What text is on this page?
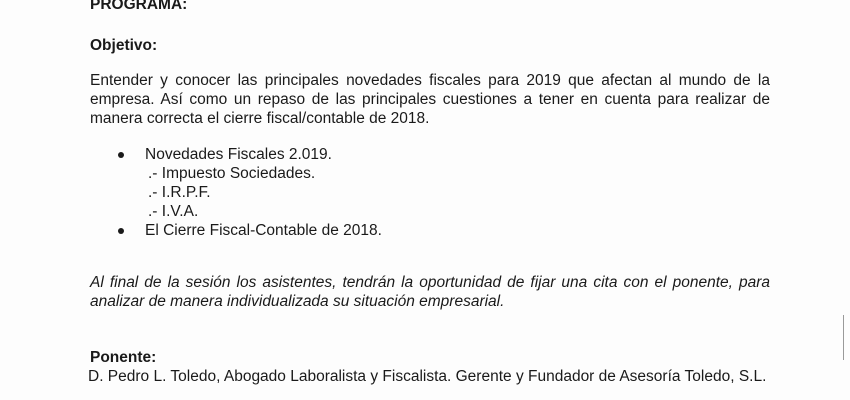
PROGRAMA:
Objetivo:
Entender y conocer las principales novedades fiscales para 2019 que afectan al mundo de la empresa. Así como un repaso de las principales cuestiones a tener en cuenta para realizar de manera correcta el cierre fiscal/contable de 2018.
Novedades Fiscales 2.019.
.- Impuesto Sociedades.
.- I.R.P.F.
.- I.V.A.
El Cierre Fiscal-Contable de 2018.
Al final de la sesión los asistentes, tendrán la oportunidad de fijar una cita con el ponente, para analizar de manera individualizada su situación empresarial.
Ponente:
D. Pedro L. Toledo, Abogado Laboralista y Fiscalista. Gerente y Fundador de Asesoría Toledo, S.L.
